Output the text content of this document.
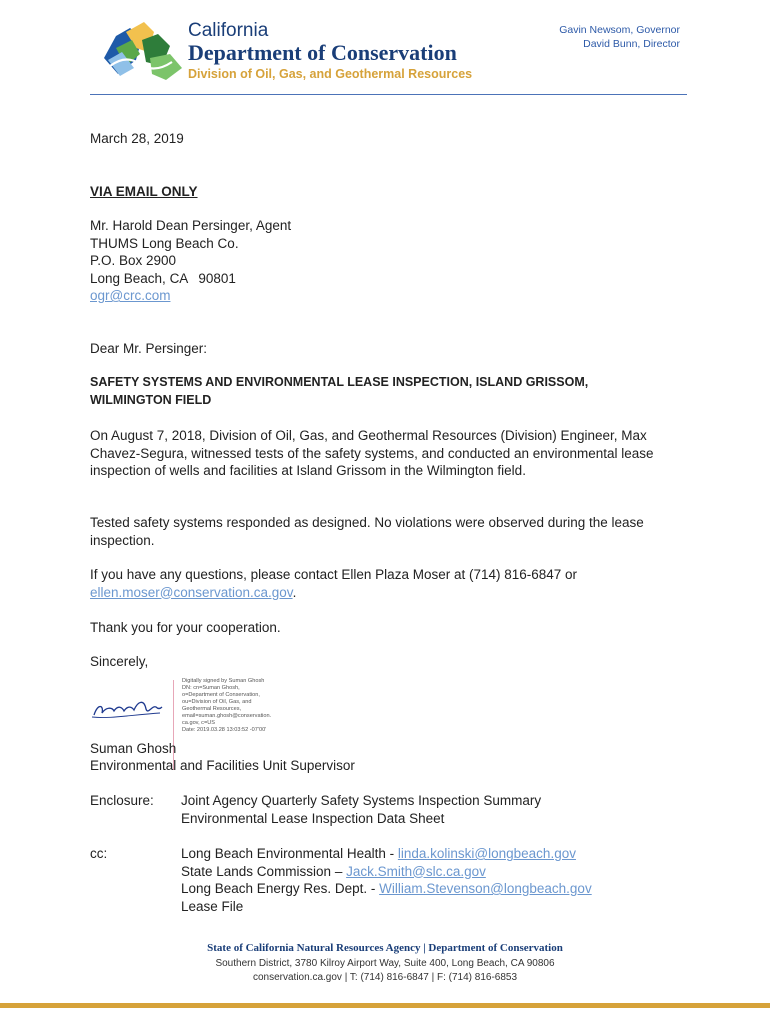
California
Department of Conservation
Division of Oil, Gas, and Geothermal Resources
Gavin Newsom, Governor
David Bunn, Director
March 28, 2019
VIA EMAIL ONLY
Mr. Harold Dean Persinger, Agent
THUMS Long Beach Co.
P.O. Box 2900
Long Beach, CA 90801
ogr@crc.com
Dear Mr. Persinger:
SAFETY SYSTEMS AND ENVIRONMENTAL LEASE INSPECTION, ISLAND GRISSOM,
WILMINGTON FIELD
On August 7, 2018, Division of Oil, Gas, and Geothermal Resources (Division) Engineer, Max Chavez-Segura, witnessed tests of the safety systems, and conducted an environmental lease inspection of wells and facilities at Island Grissom in the Wilmington field.
Tested safety systems responded as designed. No violations were observed during the lease inspection.
If you have any questions, please contact Ellen Plaza Moser at (714) 816-6847 or
ellen.moser@conservation.ca.gov.
Thank you for your cooperation.
Sincerely,
Digitally signed by Suman Ghosh
DN: cn=Suman Ghosh,
o=Department of Conservation,
ou=Division of Oil, Gas, and
Geothermal Resources,
email=suman.ghosh@conservation.
ca.gov, c=US
Date: 2019.03.28 13:03:52 -07'00'
Suman Ghosh
Environmental and Facilities Unit Supervisor
Enclosure: Joint Agency Quarterly Safety Systems Inspection Summary
Environmental Lease Inspection Data Sheet
cc:	Long Beach Environmental Health - linda.kolinski@longbeach.gov
State Lands Commission – Jack.Smith@slc.ca.gov
Long Beach Energy Res. Dept. - William.Stevenson@longbeach.gov
Lease File
State of California Natural Resources Agency | Department of Conservation
Southern District, 3780 Kilroy Airport Way, Suite 400, Long Beach, CA 90806
conservation.ca.gov | T: (714) 816-6847 | F: (714) 816-6853
